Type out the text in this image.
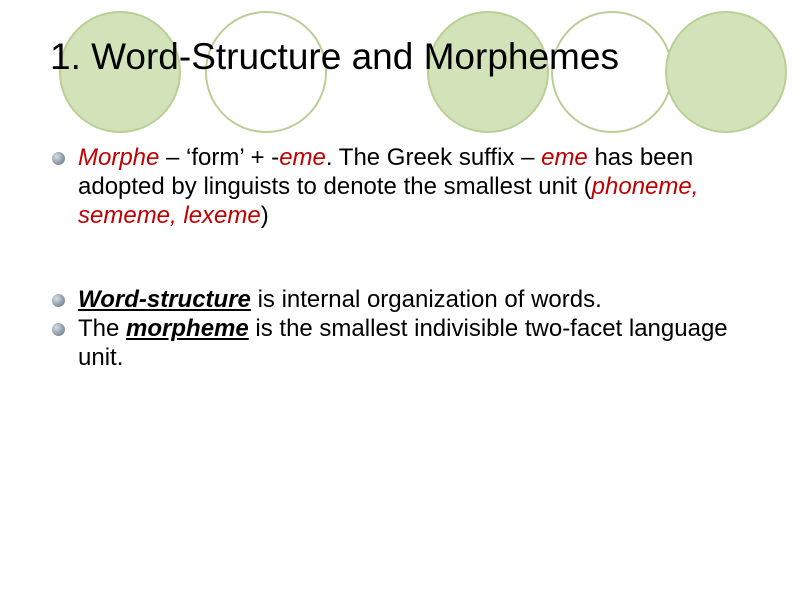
1. Word-Structure and Morphemes
Morphe – ‘form’ + -eme. The Greek suffix – eme has been adopted by linguists to denote the smallest unit (phoneme, sememe, lexeme)
Word-structure is internal organization of words.
The morpheme is the smallest indivisible two-facet language unit.
